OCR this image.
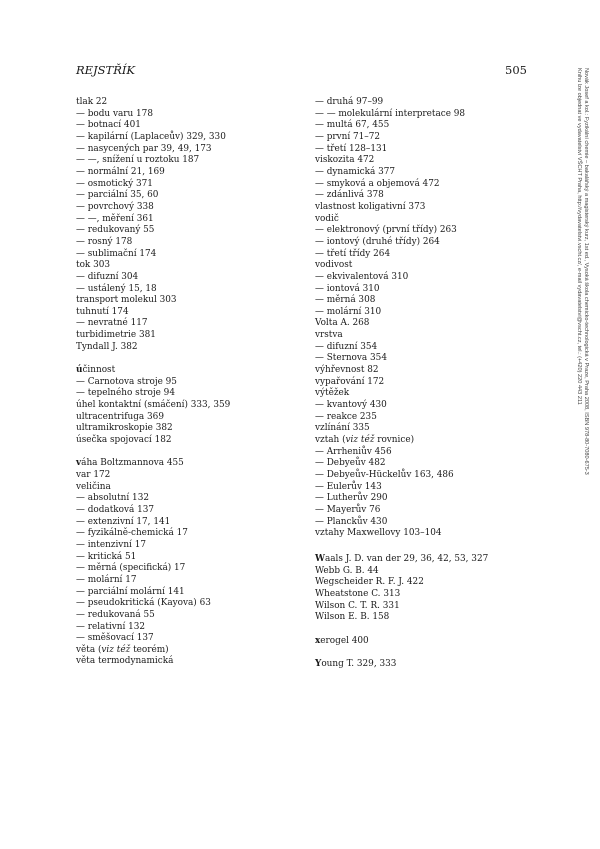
REJSTŘÍK	505
tlak 22
— bodu varu 178
— botnací 401
— kapilární (Laplaceův) 329, 330
— nasycených par 39, 49, 173
— —, snížení u roztoku 187
— normální 21, 169
— osmotický 371
— parciální 35, 60
— povrchový 338
— —, měření 361
— redukovaný 55
— rosný 178
— sublimační 174
tok 303
— difuzní 304
— ustálený 15, 18
transport molekul 303
tuhnutí 174
— nevratné 117
turbidimetrie 381
Tyndall J. 382
účinnost
— Carnotova stroje 95
— tepelného stroje 94
úhel kontaktní (smáčení) 333, 359
ultracentrifuga 369
ultramikroskopie 382
úsečka spojovací 182
váha Boltzmannova 455
var 172
veličina
— absolutní 132
— dodatková 137
— extenzivní 17, 141
— fyzikálně-chemická 17
— intenzivní 17
— kritická 51
— měrná (specifická) 17
— molární 17
— parciální molární 141
— pseudokritická (Kayova) 63
— redukovaná 55
— relativní 132
— směšovací 137
věta (viz též teorém)
věta termodynamická
— druhá 97–99
— — molekulární interpretace 98
— multá 67, 455
— první 71–72
— třetí 128–131
viskozita 472
— dynamická 377
— smyková a objemová 472
— zdánlivá 378
vlastnost koligativní 373
vodič
— elektronový (první třídy) 263
— iontový (druhé třídy) 264
— třetí třídy 264
vodivost
— ekvivalentová 310
— iontová 310
— měrná 308
— molární 310
Volta A. 268
vrstva
— difuzní 354
— Sternova 354
výhřevnost 82
vypařování 172
výtěžek
— kvantový 430
— reakce 235
vzlínání 335
vztah (viz též rovnice)
— Arrheniův 456
— Debyeův 482
— Debyeův-Hückelův 163, 486
— Eulerův 143
— Lutherův 290
— Mayerův 76
— Planckův 430
vztahy Maxwellovy 103–104
Waals J. D. van der 29, 36, 42, 53, 327
Webb G. B. 44
Wegscheider R. F. J. 422
Wheatstone C. 313
Wilson C. T. R. 331
Wilson E. B. 158
xerogel 400
Young T. 329, 333
Novák Josef a kol.: Fyzikální chemie – bakalářský a magisterský kurz, 1st ed., Vysoká škola chemicko-technologická v Praze, Praha 2008, ISBN 978-80-7080-675-3
Knihu lze objednat ve vydavatelství VŠCHT Praha, http://vydavatelstvi.vscht.cz/, e-mail vydavatelstvi@vscht.cz, tel.: (+420) 220 443 211
